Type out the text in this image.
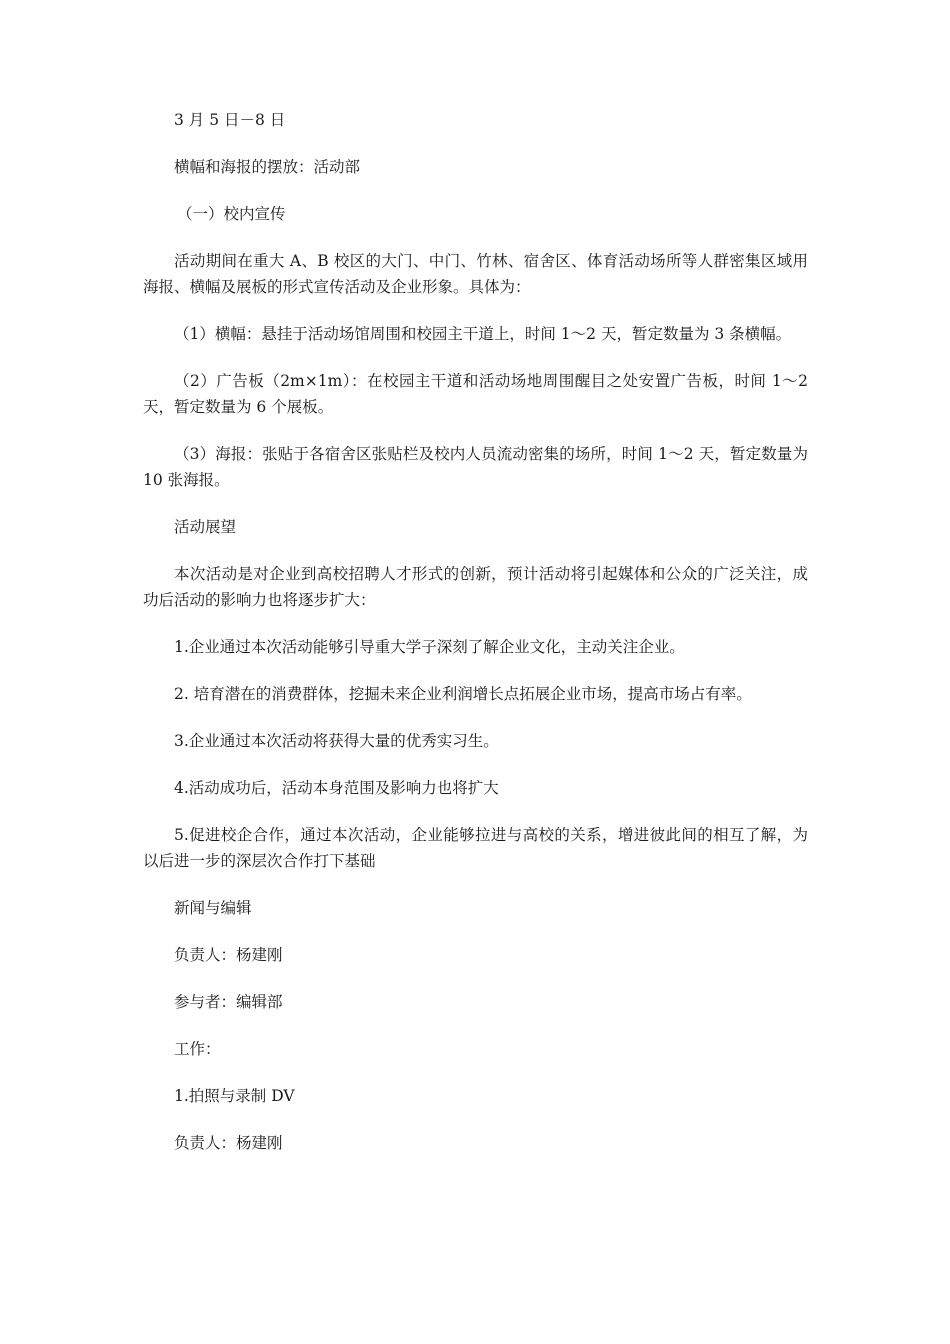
3 月 5 日－8 日

横幅和海报的摆放：活动部

（一）校内宣传

活动期间在重大 A、B 校区的大门、中门、竹林、宿舍区、体育活动场所等人群密集区域用海报、横幅及展板的形式宣传活动及企业形象。具体为：

（1）横幅：悬挂于活动场馆周围和校园主干道上，时间 1～2 天，暂定数量为 3 条横幅。

（2）广告板（2m×1m）：在校园主干道和活动场地周围醒目之处安置广告板，时间 1～2 天，暂定数量为 6 个展板。

（3）海报：张贴于各宿舍区张贴栏及校内人员流动密集的场所，时间 1～2 天，暂定数量为 10 张海报。

活动展望

本次活动是对企业到高校招聘人才形式的创新，预计活动将引起媒体和公众的广泛关注，成功后活动的影响力也将逐步扩大：

1.企业通过本次活动能够引导重大学子深刻了解企业文化，主动关注企业。

2. 培育潜在的消费群体，挖掘未来企业利润增长点拓展企业市场，提高市场占有率。

3.企业通过本次活动将获得大量的优秀实习生。

4.活动成功后，活动本身范围及影响力也将扩大

5.促进校企合作，通过本次活动，企业能够拉进与高校的关系，增进彼此间的相互了解，为以后进一步的深层次合作打下基础

新闻与编辑

负责人：杨建刚

参与者：编辑部

工作：

1.拍照与录制 DV

负责人：杨建刚
